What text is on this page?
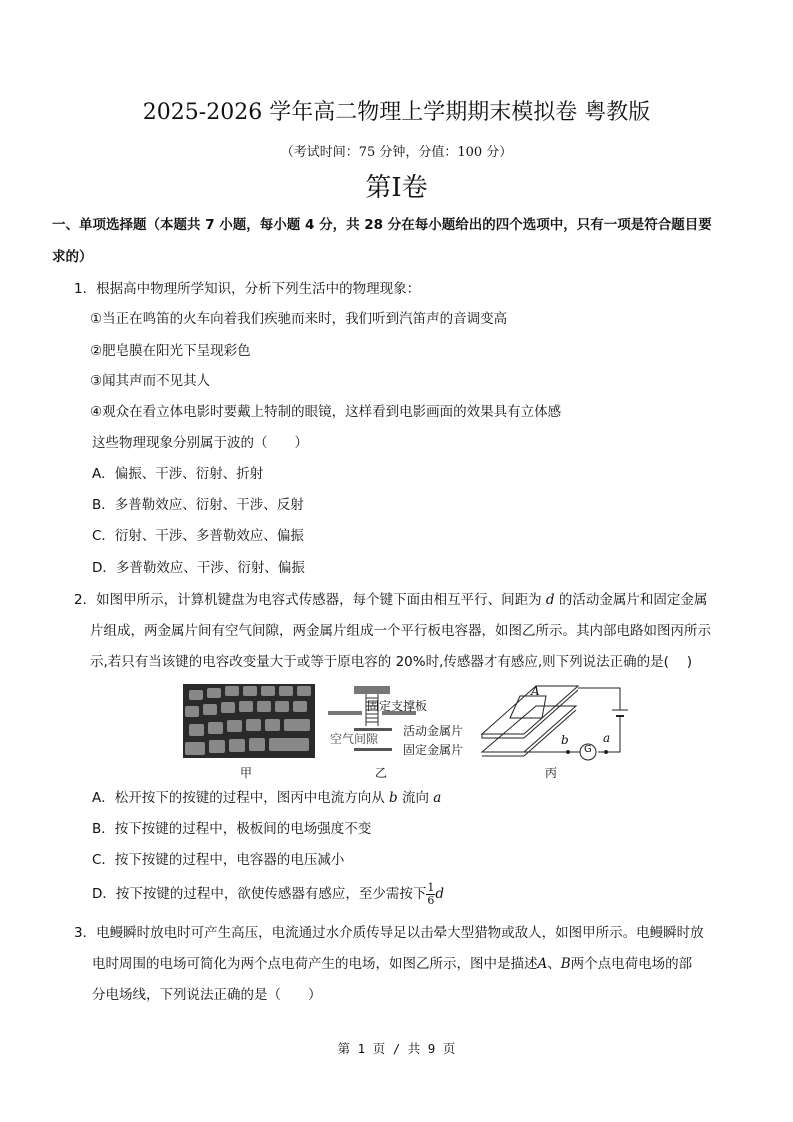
2025-2026 学年高二物理上学期期末模拟卷 粤教版
（考试时间：75 分钟，分值：100 分）
第I卷
一、单项选择题（本题共 7 小题，每小题 4 分，共 28 分在每小题给出的四个选项中，只有一项是符合题目要
求的）
1．根据高中物理所学知识，分析下列生活中的物理现象：
①当正在鸣笛的火车向着我们疾驰而来时，我们听到汽笛声的音调变高
②肥皂膜在阳光下呈现彩色
③闻其声而不见其人
④观众在看立体电影时要戴上特制的眼镜，这样看到电影画面的效果具有立体感
这些物理现象分别属于波的（　　）
A．偏振、干涉、衍射、折射
B．多普勒效应、衍射、干涉、反射
C．衍射、干涉、多普勒效应、偏振
D．多普勒效应、干涉、衍射、偏振
2．如图甲所示，计算机键盘为电容式传感器，每个键下面由相互平行、间距为 d 的活动金属片和固定金属
片组成，两金属片间有空气间隙，两金属片组成一个平行板电容器，如图乙所示。其内部电路如图丙所示
示,若只有当该键的电容改变量大于或等于原电容的 20%时,传感器才有感应,则下列说法正确的是(　 )
甲
固定支撑板
空气间隙
活动金属片
固定金属片
乙
A
b	a
G
丙
A．松开按下的按键的过程中，图丙中电流方向从 b 流向 a
B．按下按键的过程中，极板间的电场强度不变
C．按下按键的过程中，电容器的电压减小
D．按下按键的过程中，欲使传感器有感应，至少需按下 $\frac{1}{6}$ d
3．电鳗瞬时放电时可产生高压，电流通过水介质传导足以击晕大型猎物或敌人，如图甲所示。电鳗瞬时放
电时周围的电场可简化为两个点电荷产生的电场，如图乙所示，图中是描述A、B两个点电荷电场的部
分电场线，下列说法正确的是（　　）
第 1 页 / 共 9 页
